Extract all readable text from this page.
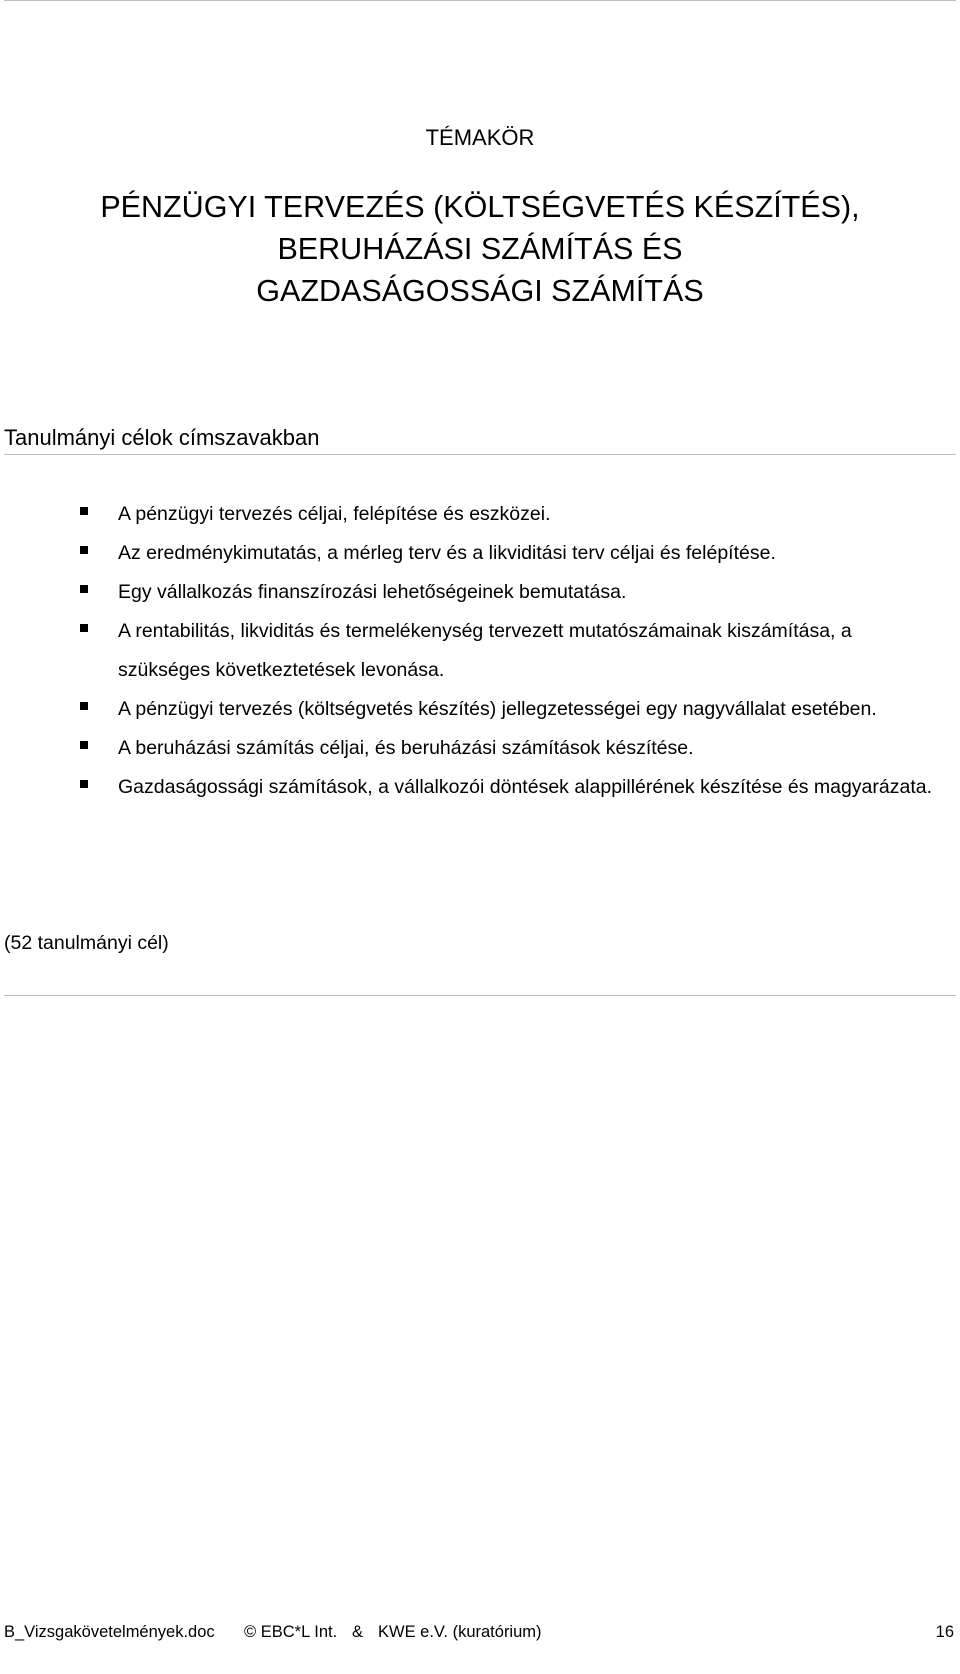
TÉMAKÖR
PÉNZÜGYI TERVEZÉS (KÖLTSÉGVETÉS KÉSZÍTÉS),
BERUHÁZÁSI SZÁMÍTÁS ÉS
GAZDASÁGOSSÁGI SZÁMÍTÁS
Tanulmányi célok címszavakban
A pénzügyi tervezés céljai, felépítése és eszközei.
Az eredménykimutatás, a mérleg terv és a likviditási terv céljai és felépítése.
Egy vállalkozás finanszírozási lehetőségeinek bemutatása.
A rentabilitás, likviditás és termelékenység tervezett mutatószámainak kiszámítása, a szükséges következtetések levonása.
A pénzügyi tervezés (költségvetés készítés) jellegzetességei egy nagyvállalat esetében.
A beruházási számítás céljai, és beruházási számítások készítése.
Gazdaságossági számítások, a vállalkozói döntések alappillérének készítése és magyarázata.
(52 tanulmányi cél)
B_Vizsgakövetelmények.doc © EBC*L Int. & KWE e.V. (kuratórium)	16
